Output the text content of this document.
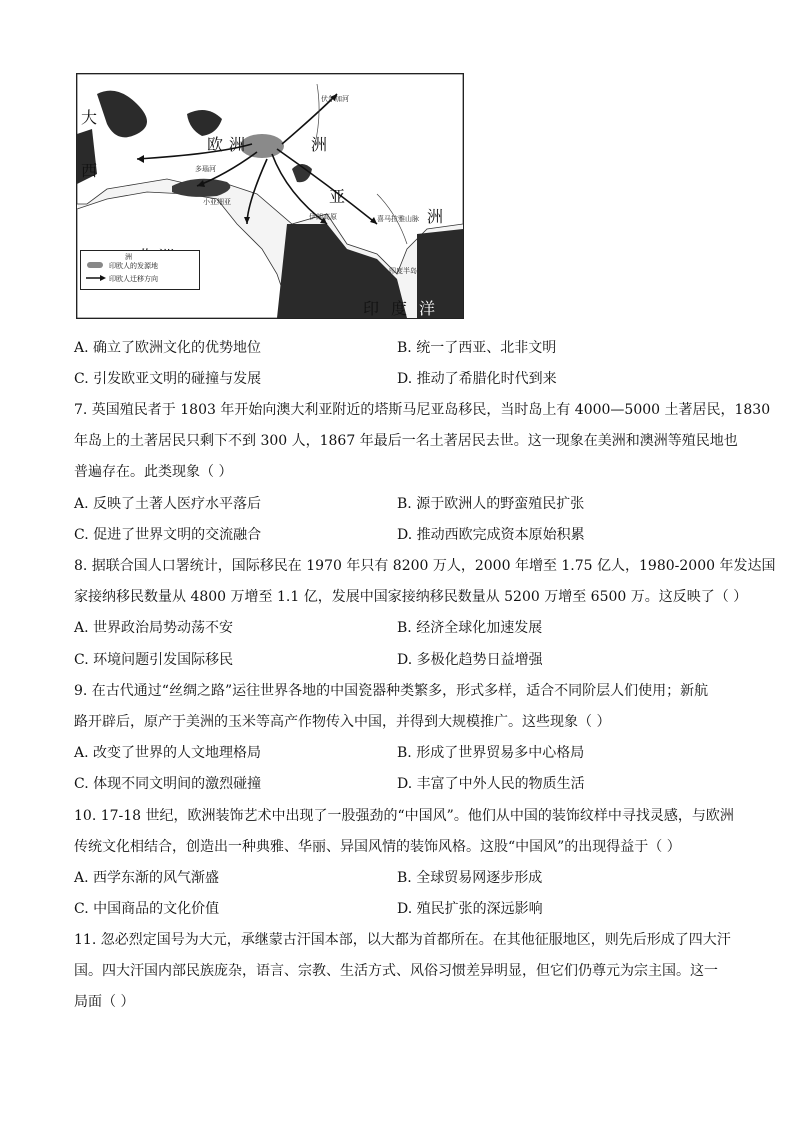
大
西
欧 洲	洲
亚
洲
印 度 洋
伊朗高原	喜马拉雅山脉
印度半岛
小亚细亚
多瑙河
伏尔加河
洲
印欧人的发源地
印欧人迁移方向
A. 确立了欧洲文化的优势地位	B. 统一了西亚、北非文明
C. 引发欧亚文明的碰撞与发展	D. 推动了希腊化时代到来
7. 英国殖民者于 1803 年开始向澳大利亚附近的塔斯马尼亚岛移民，当时岛上有 4000—5000 土著居民，1830
年岛上的土著居民只剩下不到 300 人，1867 年最后一名土著居民去世。这一现象在美洲和澳洲等殖民地也
普遍存在。此类现象（ ）
A. 反映了土著人医疗水平落后	B. 源于欧洲人的野蛮殖民扩张
C. 促进了世界文明的交流融合	D. 推动西欧完成资本原始积累
8. 据联合国人口署统计，国际移民在 1970 年只有 8200 万人，2000 年增至 1.75 亿人，1980-2000 年发达国
家接纳移民数量从 4800 万增至 1.1 亿，发展中国家接纳移民数量从 5200 万增至 6500 万。这反映了（ ）
A. 世界政治局势动荡不安	B. 经济全球化加速发展
C. 环境问题引发国际移民	D. 多极化趋势日益增强
9. 在古代通过“丝绸之路”运往世界各地的中国瓷器种类繁多，形式多样，适合不同阶层人们使用；新航
路开辟后，原产于美洲的玉米等高产作物传入中国，并得到大规模推广。这些现象（ ）
A. 改变了世界的人文地理格局	B. 形成了世界贸易多中心格局
C. 体现不同文明间的激烈碰撞	D. 丰富了中外人民的物质生活
10. 17-18 世纪，欧洲装饰艺术中出现了一股强劲的“中国风”。他们从中国的装饰纹样中寻找灵感，与欧洲
传统文化相结合，创造出一种典雅、华丽、异国风情的装饰风格。这股“中国风”的出现得益于（ ）
A. 西学东渐的风气渐盛	B. 全球贸易网逐步形成
C. 中国商品的文化价值	D. 殖民扩张的深远影响
11. 忽必烈定国号为大元，承继蒙古汗国本部，以大都为首都所在。在其他征服地区，则先后形成了四大汗
国。四大汗国内部民族庞杂，语言、宗教、生活方式、风俗习惯差异明显，但它们仍尊元为宗主国。这一
局面（ ）
